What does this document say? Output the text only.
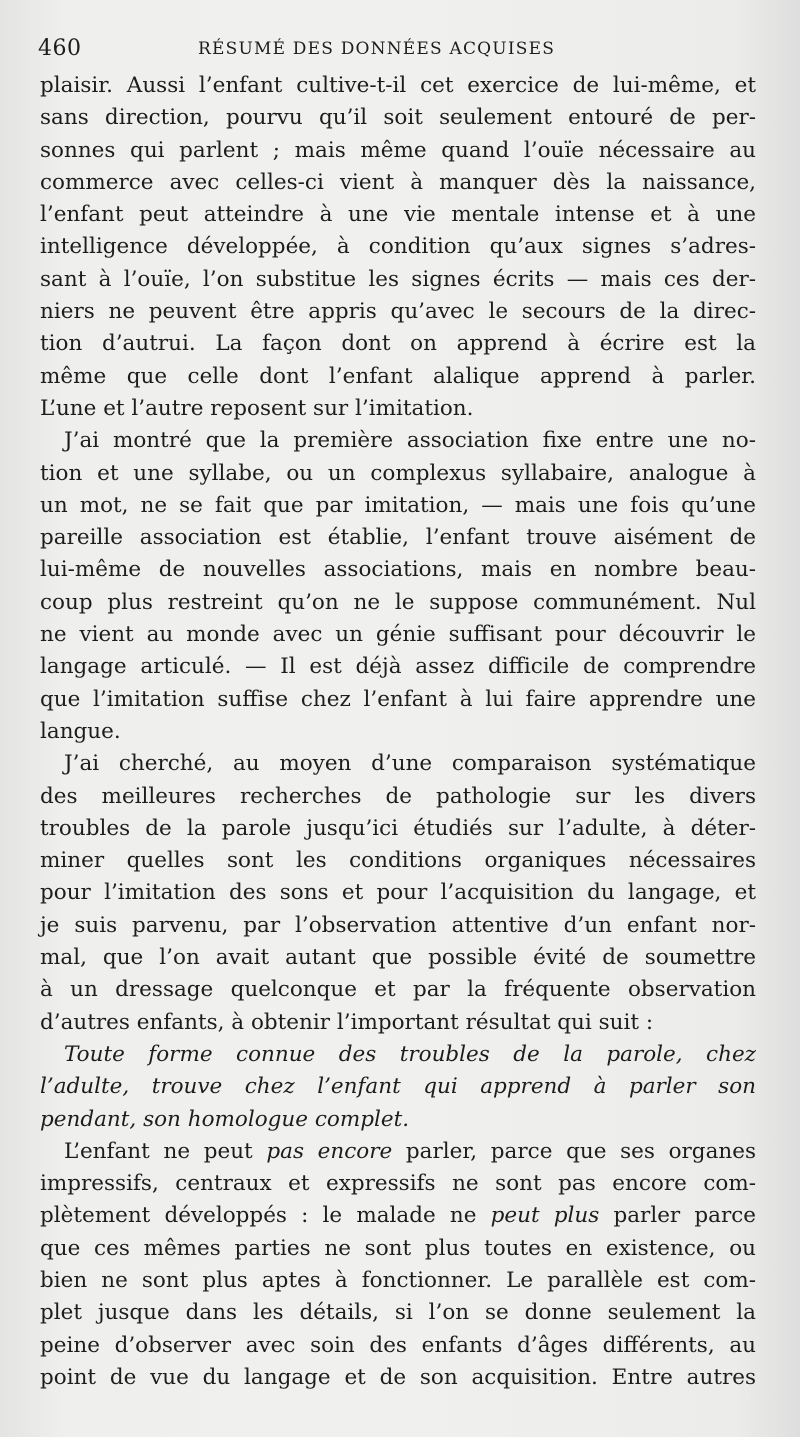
460	RÉSUMÉ DES DONNÉES ACQUISES
plaisir. Aussi l’enfant cultive-t-il cet exercice de lui-même, et
sans direction, pourvu qu’il soit seulement entouré de per-
sonnes qui parlent ; mais même quand l’ouïe nécessaire au
commerce avec celles-ci vient à manquer dès la naissance,
l’enfant peut atteindre à une vie mentale intense et à une
intelligence développée, à condition qu’aux signes s’adres-
sant à l’ouïe, l’on substitue les signes écrits — mais ces der-
niers ne peuvent être appris qu’avec le secours de la direc-
tion d’autrui. La façon dont on apprend à écrire est la
même que celle dont l’enfant alalique apprend à parler.
L’une et l’autre reposent sur l’imitation.
J’ai montré que la première association fixe entre une no-
tion et une syllabe, ou un complexus syllabaire, analogue à
un mot, ne se fait que par imitation, — mais une fois qu’une
pareille association est établie, l’enfant trouve aisément de
lui-même de nouvelles associations, mais en nombre beau-
coup plus restreint qu’on ne le suppose communément. Nul
ne vient au monde avec un génie suffisant pour découvrir le
langage articulé. — Il est déjà assez difficile de comprendre
que l’imitation suffise chez l’enfant à lui faire apprendre une
langue.
J’ai cherché, au moyen d’une comparaison systématique
des meilleures recherches de pathologie sur les divers
troubles de la parole jusqu’ici étudiés sur l’adulte, à déter-
miner quelles sont les conditions organiques nécessaires
pour l’imitation des sons et pour l’acquisition du langage, et
je suis parvenu, par l’observation attentive d’un enfant nor-
mal, que l’on avait autant que possible évité de soumettre
à un dressage quelconque et par la fréquente observation
d’autres enfants, à obtenir l’important résultat qui suit :
Toute forme connue des troubles de la parole, chez
l’adulte, trouve chez l’enfant qui apprend à parler son
pendant, son homologue complet.
L’enfant ne peut pas encore parler, parce que ses organes
impressifs, centraux et expressifs ne sont pas encore com-
plètement développés : le malade ne peut plus parler parce
que ces mêmes parties ne sont plus toutes en existence, ou
bien ne sont plus aptes à fonctionner. Le parallèle est com-
plet jusque dans les détails, si l’on se donne seulement la
peine d’observer avec soin des enfants d’âges différents, au
point de vue du langage et de son acquisition. Entre autres
